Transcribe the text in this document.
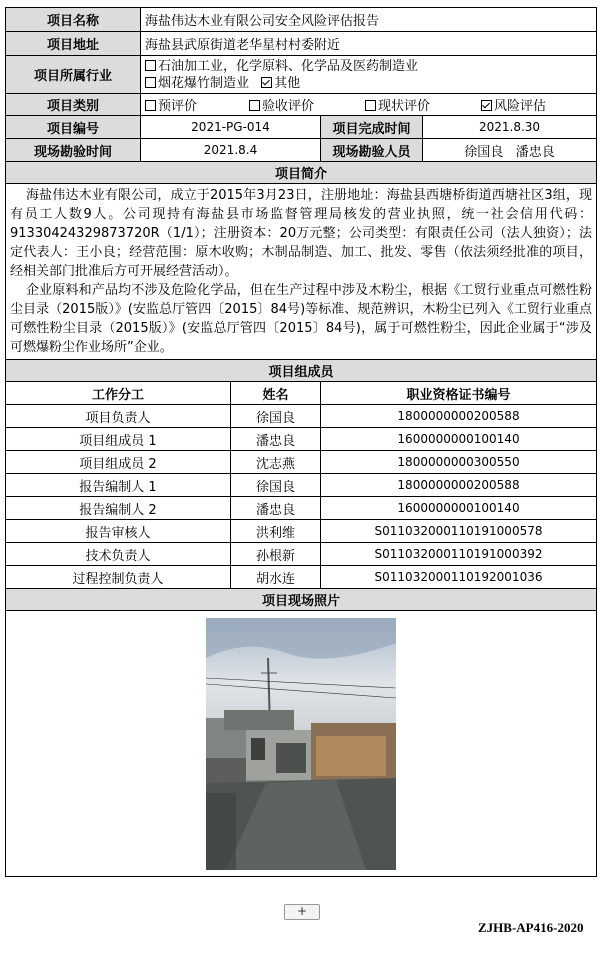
项目名称	海盐伟达木业有限公司安全风险评估报告			
项目地址	海盐县武原街道老华星村村委附近			
项目所属行业	石油加工业，化学原料、化学品及医药制造业
烟花爆竹制造业 其他			

项目类别	预评价 验收评价 现状评价 风险评估			
项目编号	2021-PG-014		项目完成时间	2021.8.30
现场勘验时间	2021.8.4		现场勘验人员	徐国良   潘忠良
项目简介				

海盐伟达木业有限公司，成立于2015年3月23日，注册地址：海盐县西塘桥街道西塘社区3组，现有员工人数9人。公司现持有海盐县市场监督管理局核发的营业执照，统一社会信用代码：91330424329873720R（1/1）；注册资本：20万元整；公司类型：有限责任公司（法人独资）；法定代表人：王小良；经营范围：原木收购；木制品制造、加工、批发、零售（依法须经批准的项目，经相关部门批准后方可开展经营活动）。

企业原料和产品均不涉及危险化学品，但在生产过程中涉及木粉尘，根据《工贸行业重点可燃性粉尘目录（2015版）》(安监总厅管四〔2015〕84号)等标准、规范辨识，木粉尘已列入《工贸行业重点可燃性粉尘目录（2015版）》(安监总厅管四〔2015〕84号)，属于可燃性粉尘，因此企业属于“涉及可燃爆粉尘作业场所”企业。				

项目组成员				
工作分工		姓名	职业资格证书编号	
项目负责人		徐国良	1800000000200588	
项目组成员 1		潘忠良	1600000000100140	
项目组成员 2		沈志燕	1800000000300550	
报告编制人 1		徐国良	1800000000200588	
报告编制人 2		潘忠良	1600000000100140	
报告审核人		洪利维	S011032000110191000578	
技术负责人		孙根新	S011032000110191000392	
过程控制负责人		胡水连	S011032000110192001036	
项目现场照片				

+
ZJHB-AP416-2020
